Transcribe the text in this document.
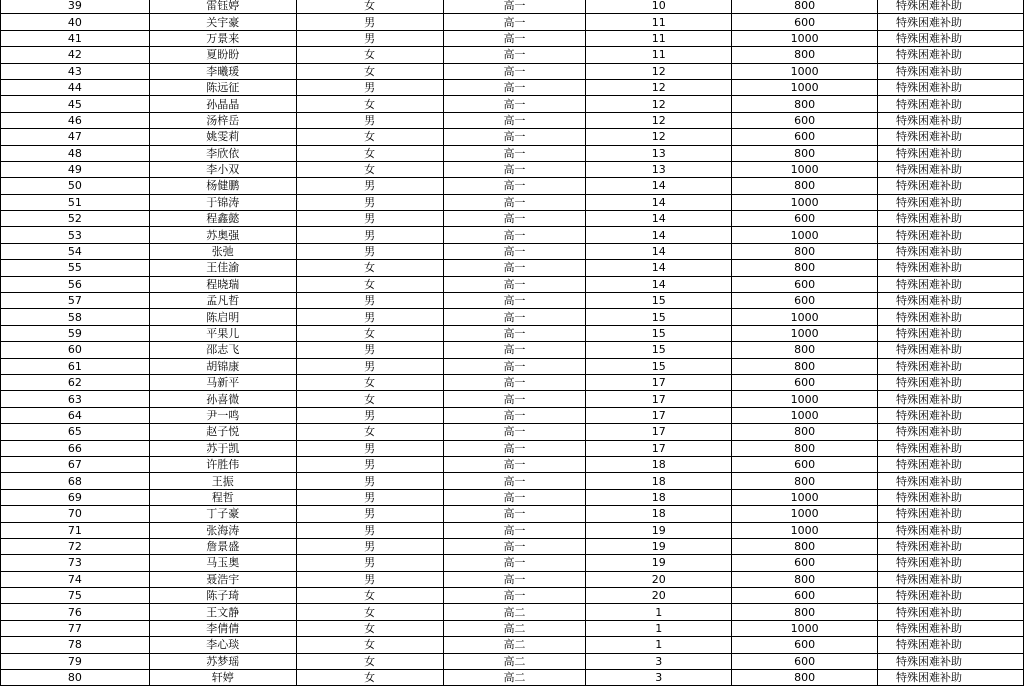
39	雷钰婷	女	高一	10	800	特殊困难补助
40	关宇豪	男	高一	11	600	特殊困难补助
41	万景来	男	高一	11	1000	特殊困难补助
42	夏盼盼	女	高一	11	800	特殊困难补助
43	李曦瑗	女	高一	12	1000	特殊困难补助
44	陈远征	男	高一	12	1000	特殊困难补助
45	孙晶晶	女	高一	12	800	特殊困难补助
46	汤梓岳	男	高一	12	600	特殊困难补助
47	姚雯莉	女	高一	12	600	特殊困难补助
48	李欣依	女	高一	13	800	特殊困难补助
49	李小双	女	高一	13	1000	特殊困难补助
50	杨健鹏	男	高一	14	800	特殊困难补助
51	于锦涛	男	高一	14	1000	特殊困难补助
52	程鑫懿	男	高一	14	600	特殊困难补助
53	苏奥强	男	高一	14	1000	特殊困难补助
54	张弛	男	高一	14	800	特殊困难补助
55	王佳渝	女	高一	14	800	特殊困难补助
56	程晓瑞	女	高一	14	600	特殊困难补助
57	孟凡哲	男	高一	15	600	特殊困难补助
58	陈启明	男	高一	15	1000	特殊困难补助
59	平果儿	女	高一	15	1000	特殊困难补助
60	邵志飞	男	高一	15	800	特殊困难补助
61	胡锦康	男	高一	15	800	特殊困难补助
62	马新平	女	高一	17	600	特殊困难补助
63	孙喜微	女	高一	17	1000	特殊困难补助
64	尹一鸣	男	高一	17	1000	特殊困难补助
65	赵子悦	女	高一	17	800	特殊困难补助
66	苏于凯	男	高一	17	800	特殊困难补助
67	许胜伟	男	高一	18	600	特殊困难补助
68	王振	男	高一	18	800	特殊困难补助
69	程哲	男	高一	18	1000	特殊困难补助
70	丁子豪	男	高一	18	1000	特殊困难补助
71	张海涛	男	高一	19	1000	特殊困难补助
72	詹景盛	男	高一	19	800	特殊困难补助
73	马玉奥	男	高一	19	600	特殊困难补助
74	聂浩宇	男	高一	20	800	特殊困难补助
75	陈子琦	女	高一	20	600	特殊困难补助
76	王文静	女	高二	1	800	特殊困难补助
77	李倩倩	女	高二	1	1000	特殊困难补助
78	李心琰	女	高二	1	600	特殊困难补助
79	苏梦瑶	女	高二	3	600	特殊困难补助
80	轩婷	女	高二	3	800	特殊困难补助
